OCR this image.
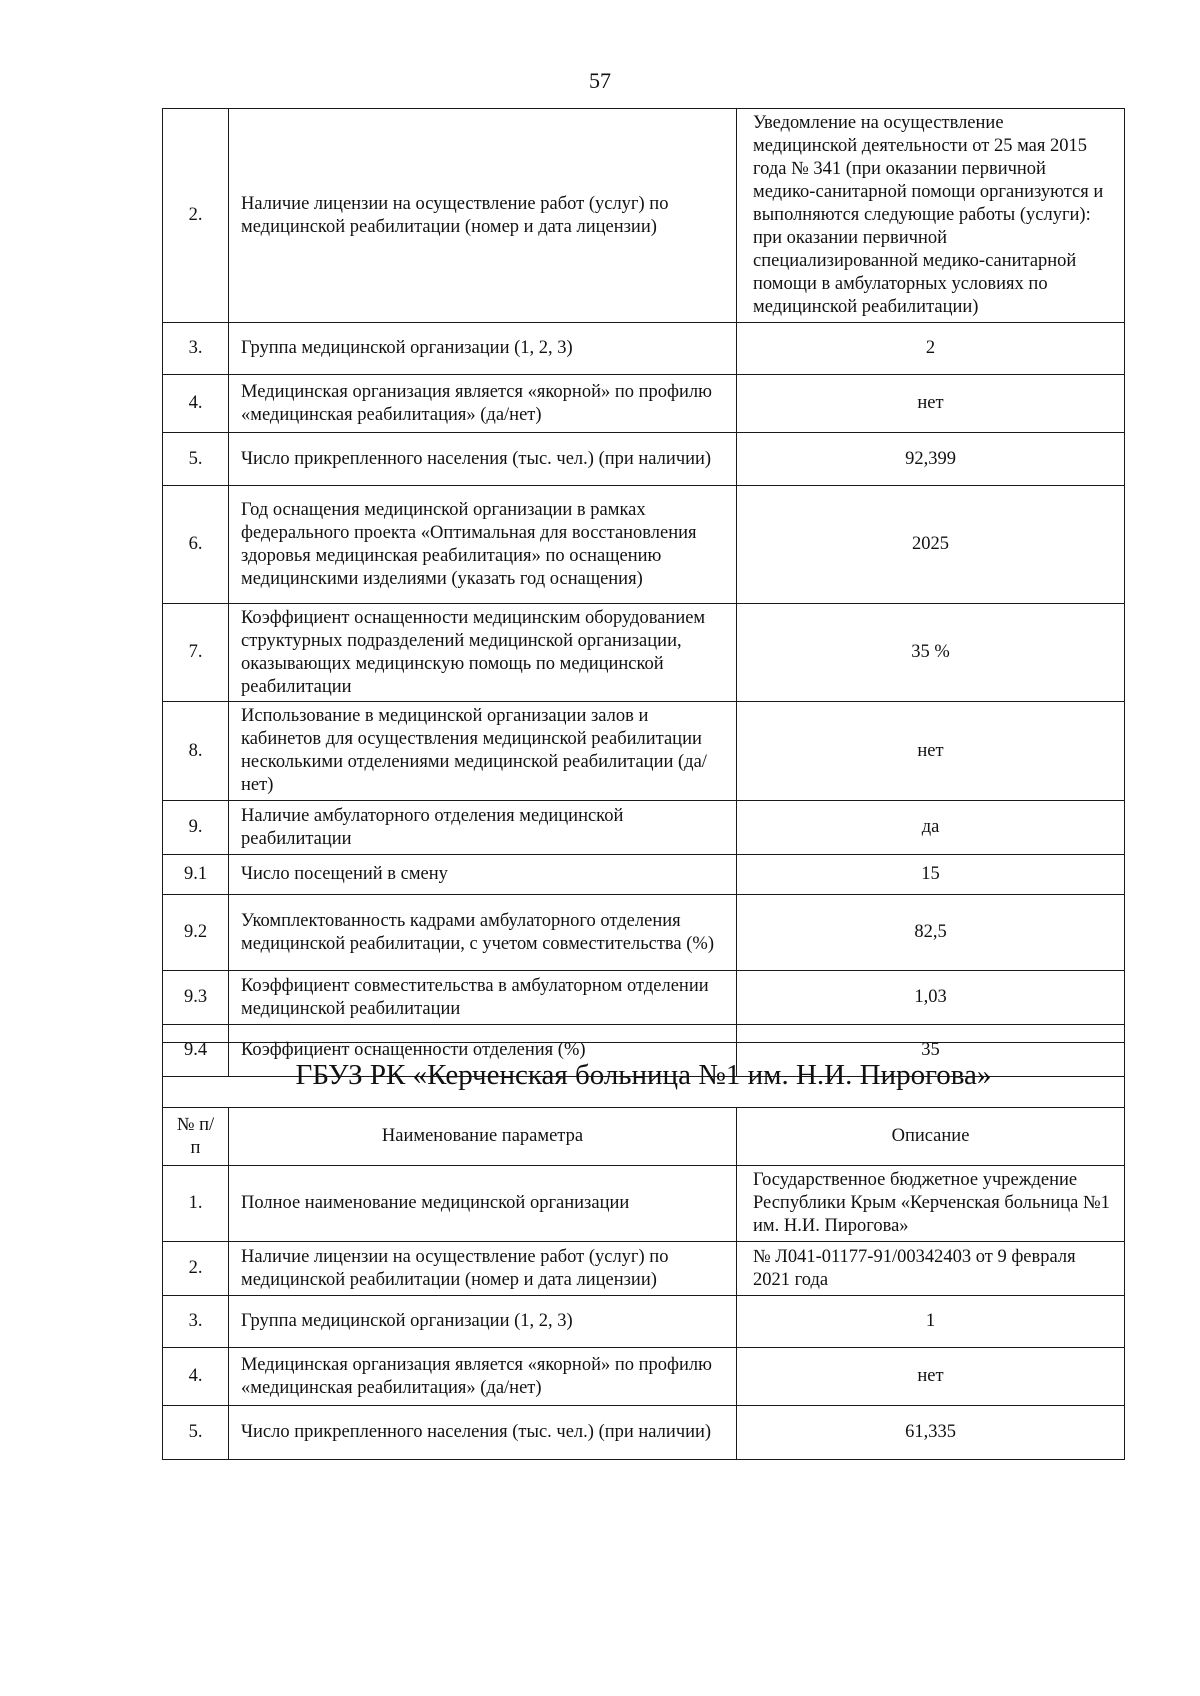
57
2.	Наличие лицензии на осуществление работ (услуг) по медицинской реабилитации (номер и дата лицензии)	Уведомление на осуществление медицинской деятельности от 25 мая 2015 года № 341 (при оказании первичной медико-санитарной помощи организуются и выполняются следующие работы (услуги): при оказании первичной специализированной медико-санитарной помощи в амбулаторных условиях по медицинской реабилитации)
3.	Группа медицинской организации (1, 2, 3)	2
4.	Медицинская организация является «якорной» по профилю «медицинская реабилитация» (да/нет)	нет
5.	Число прикрепленного населения (тыс. чел.) (при наличии)	92,399
6.	Год оснащения медицинской организации в рамках федерального проекта «Оптимальная для восстановления здоровья медицинская реабилитация» по оснащению медицинскими изделиями (указать год оснащения)	2025
7.	Коэффициент оснащенности медицинским оборудованием структурных подразделений медицинской организации, оказывающих медицинскую помощь по медицинской реабилитации	35 %
8.	Использование в медицинской организации залов и кабинетов для осуществления медицинской реабилитации несколькими отделениями медицинской реабилитации (да/нет)	нет
9.	Наличие амбулаторного отделения медицинской реабилитации	да
9.1	Число посещений в смену	15
9.2	Укомплектованность кадрами амбулаторного отделения медицинской реабилитации, с учетом совместительства (%)	82,5
9.3	Коэффициент совместительства в амбулаторном отделении медицинской реабилитации	1,03
9.4	Коэффициент оснащенности отделения (%)	35
ГБУЗ РК «Керченская больница №1 им. Н.И. Пирогова»		
№ п/п	Наименование параметра	Описание
1.	Полное наименование медицинской организации	Государственное бюджетное учреждение Республики Крым «Керченская больница №1 им. Н.И. Пирогова»
2.	Наличие лицензии на осуществление работ (услуг) по медицинской реабилитации (номер и дата лицензии)	№ Л041-01177-91/00342403 от 9 февраля 2021 года
3.	Группа медицинской организации (1, 2, 3)	1
4.	Медицинская организация является «якорной» по профилю «медицинская реабилитация» (да/нет)	нет
5.	Число прикрепленного населения (тыс. чел.) (при наличии)	61,335
